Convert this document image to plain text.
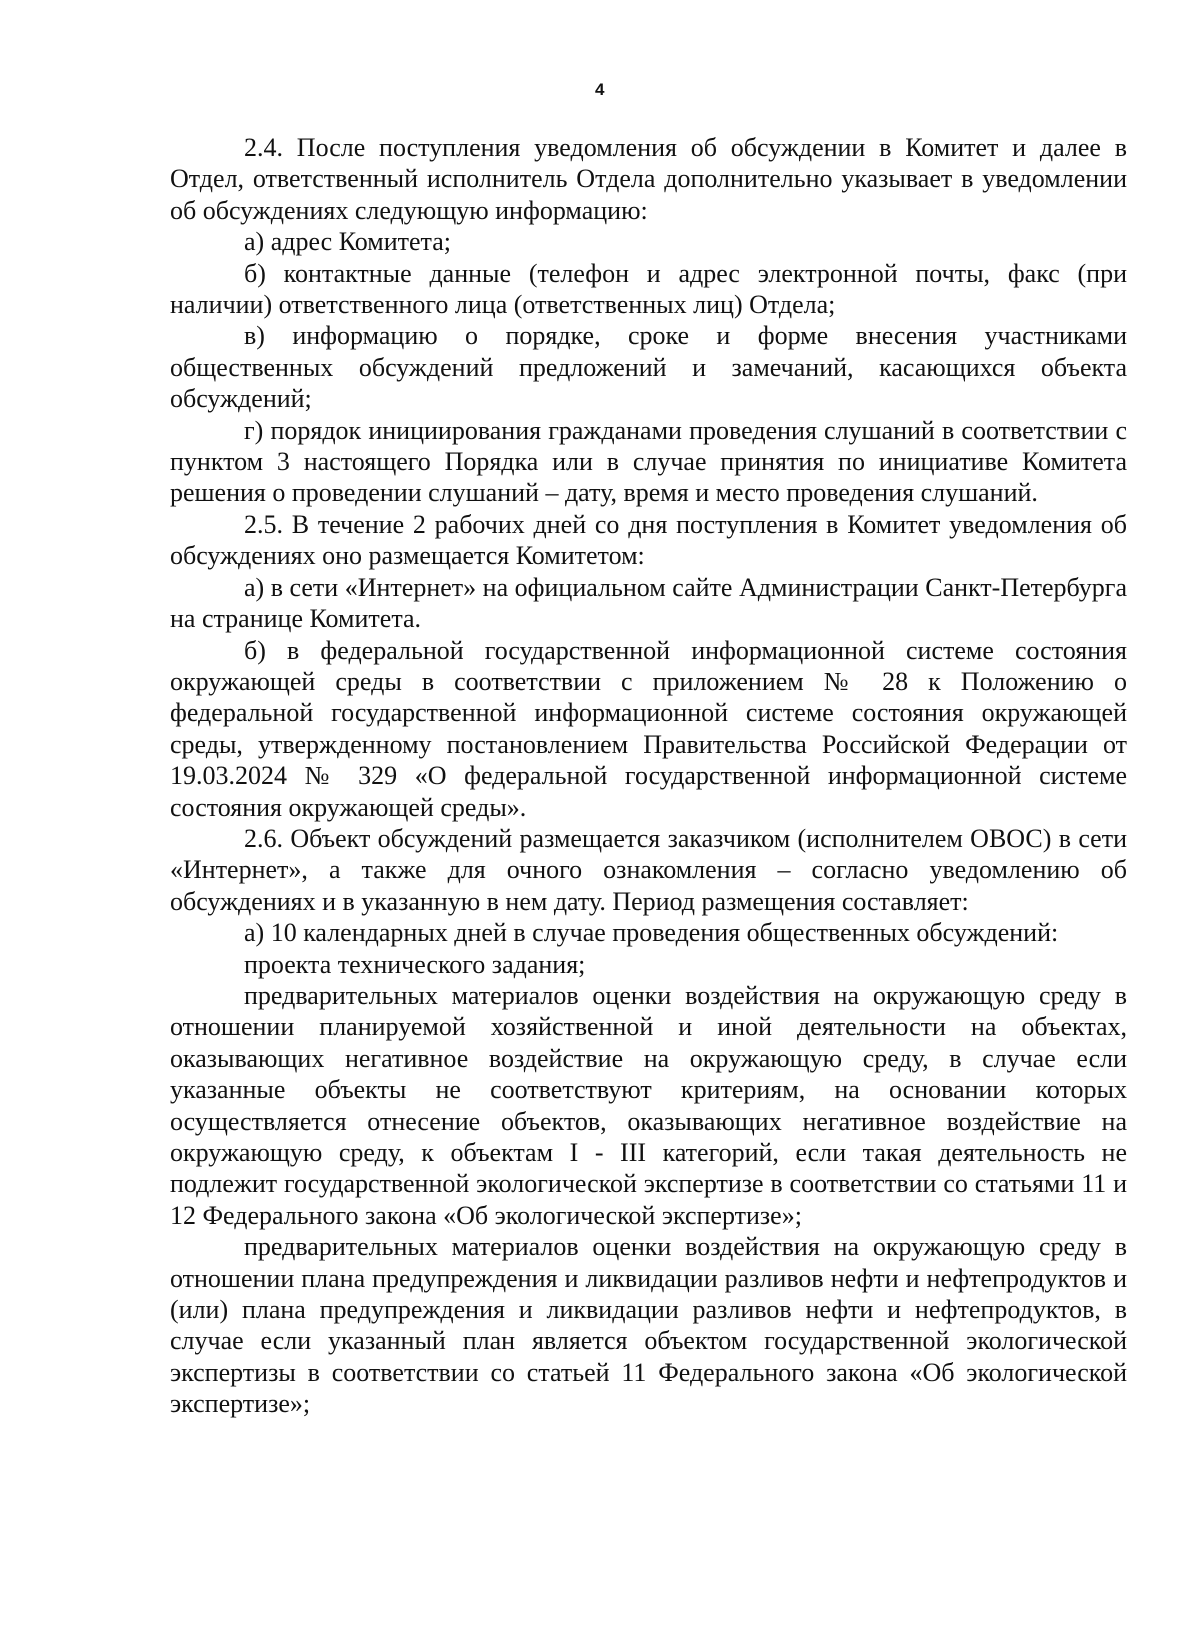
4

2.4. После поступления уведомления об обсуждении в Комитет и далее в Отдел, ответственный исполнитель Отдела дополнительно указывает в уведомлении об обсуждениях следующую информацию:

а) адрес Комитета;

б) контактные данные (телефон и адрес электронной почты, факс (при наличии) ответственного лица (ответственных лиц) Отдела;

в) информацию о порядке, сроке и форме внесения участниками общественных обсуждений предложений и замечаний, касающихся объекта обсуждений;

г) порядок инициирования гражданами проведения слушаний в соответствии с пунктом 3 настоящего Порядка или в случае принятия по инициативе Комитета решения о проведении слушаний – дату, время и место проведения слушаний.

2.5. В течение 2 рабочих дней со дня поступления в Комитет уведомления об обсуждениях оно размещается Комитетом:

а) в сети «Интернет» на официальном сайте Администрации Санкт-Петербурга на странице Комитета.

б) в федеральной государственной информационной системе состояния окружающей среды в соответствии с приложением № 28 к Положению о федеральной государственной информационной системе состояния окружающей среды, утвержденному постановлением Правительства Российской Федерации от 19.03.2024 № 329 «О федеральной государственной информационной системе состояния окружающей среды».

2.6. Объект обсуждений размещается заказчиком (исполнителем ОВОС) в сети «Интернет», а также для очного ознакомления – согласно уведомлению об обсуждениях и в указанную в нем дату. Период размещения составляет:

а) 10 календарных дней в случае проведения общественных обсуждений:

проекта технического задания;

предварительных материалов оценки воздействия на окружающую среду в отношении планируемой хозяйственной и иной деятельности на объектах, оказывающих негативное воздействие на окружающую среду, в случае если указанные объекты не соответствуют критериям, на основании которых осуществляется отнесение объектов, оказывающих негативное воздействие на окружающую среду, к объектам I - III категорий, если такая деятельность не подлежит государственной экологической экспертизе в соответствии со статьями 11 и 12 Федерального закона «Об экологической экспертизе»;

предварительных материалов оценки воздействия на окружающую среду в отношении плана предупреждения и ликвидации разливов нефти и нефтепродуктов и (или) плана предупреждения и ликвидации разливов нефти и нефтепродуктов, в случае если указанный план является объектом государственной экологической экспертизы в соответствии со статьей 11 Федерального закона «Об экологической экспертизе»;
